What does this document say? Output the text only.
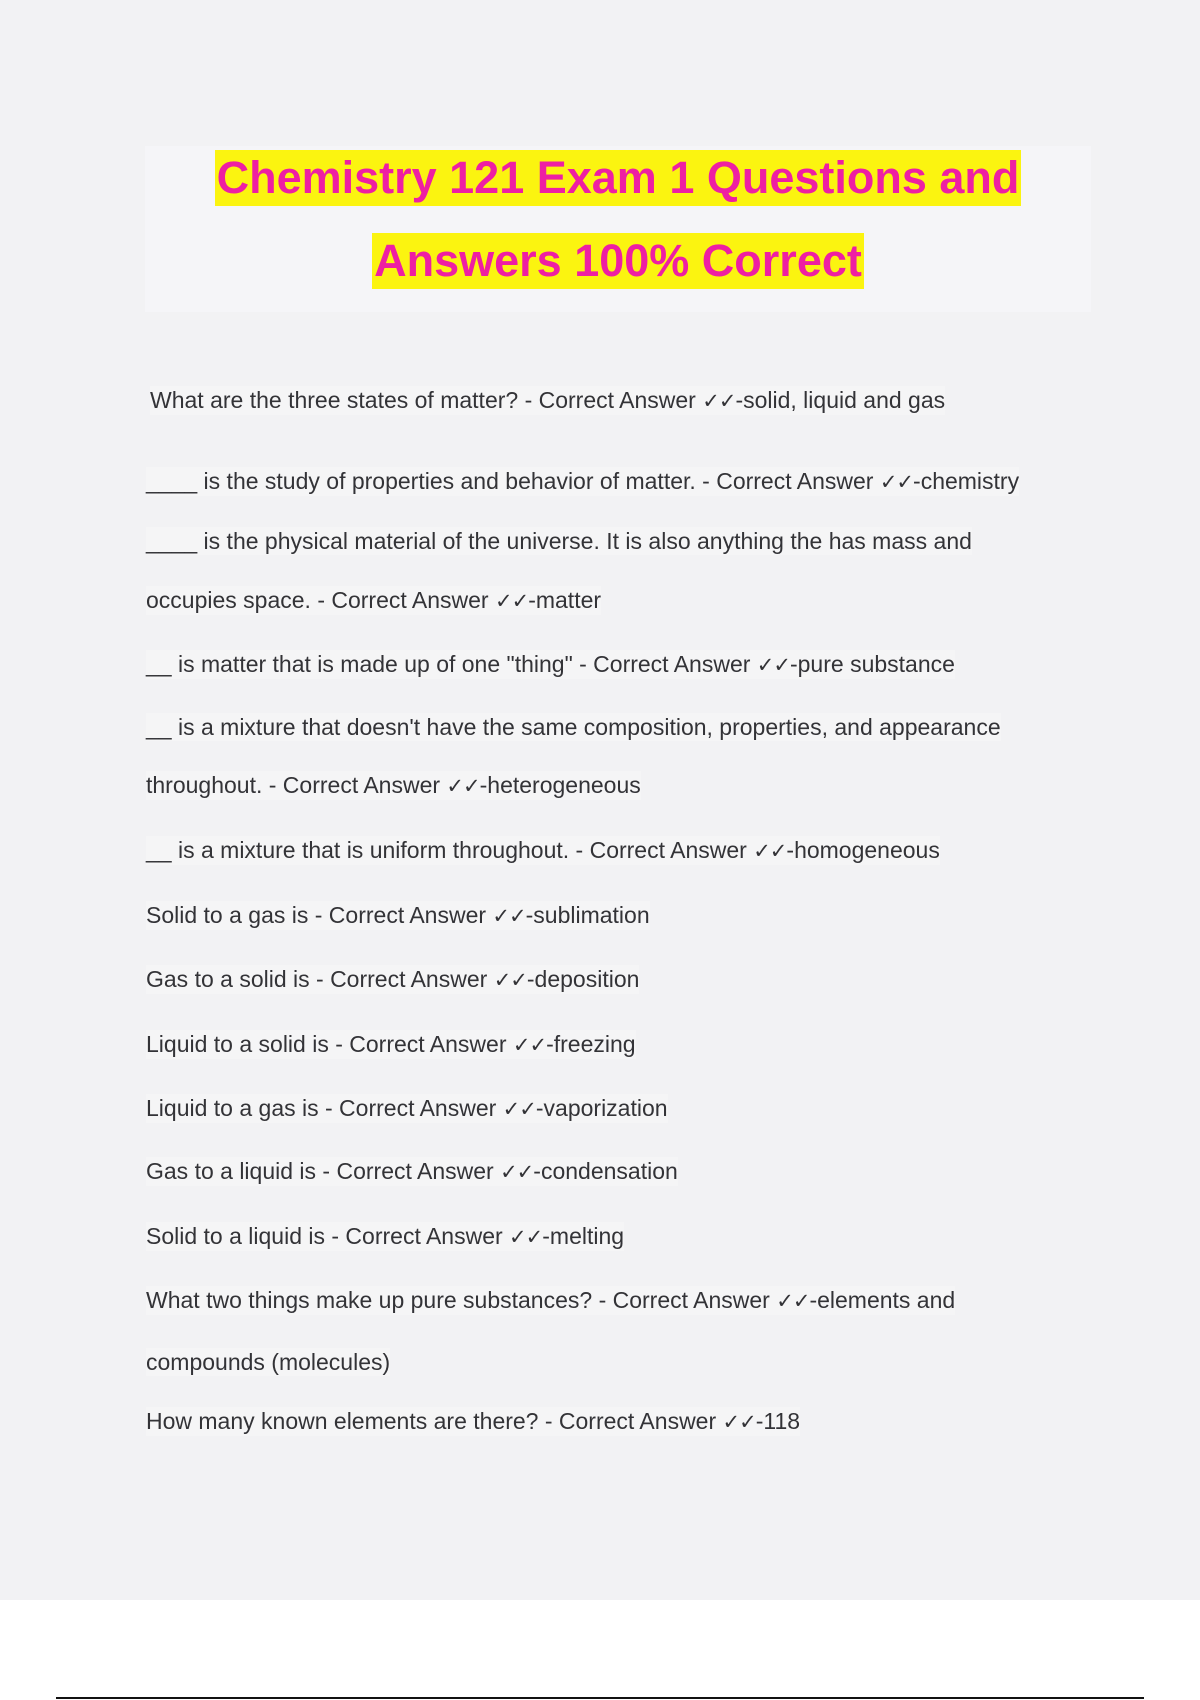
Chemistry 121 Exam 1 Questions and
Answers 100% Correct
What are the three states of matter? - Correct Answer ✓✓-solid, liquid and gas
____ is the study of properties and behavior of matter. - Correct Answer ✓✓-chemistry
____ is the physical material of the universe. It is also anything the has mass and
occupies space. - Correct Answer ✓✓-matter
__ is matter that is made up of one "thing" - Correct Answer ✓✓-pure substance
__ is a mixture that doesn't have the same composition, properties, and appearance
throughout. - Correct Answer ✓✓-heterogeneous
__ is a mixture that is uniform throughout. - Correct Answer ✓✓-homogeneous
Solid to a gas is - Correct Answer ✓✓-sublimation
Gas to a solid is - Correct Answer ✓✓-deposition
Liquid to a solid is - Correct Answer ✓✓-freezing
Liquid to a gas is - Correct Answer ✓✓-vaporization
Gas to a liquid is - Correct Answer ✓✓-condensation
Solid to a liquid is - Correct Answer ✓✓-melting
What two things make up pure substances? - Correct Answer ✓✓-elements and
compounds (molecules)
How many known elements are there? - Correct Answer ✓✓-118
